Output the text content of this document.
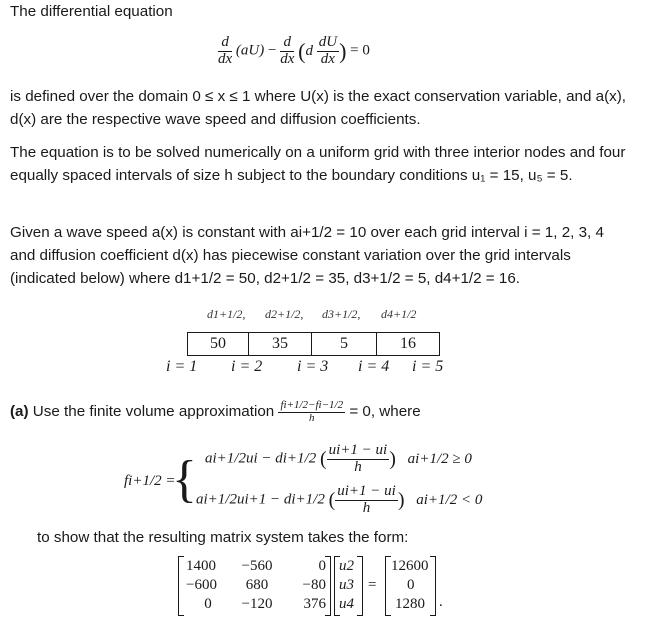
The differential equation

$\frac{d}{dx} (aU) - \frac{d}{dx} (d \frac{dU}{dx}$ ) = 0

is defined over the domain 0 ≤ x ≤ 1 where U(x) is the exact conservation variable, and a(x), d(x) are the respective wave speed and diffusion coefficients.

The equation is to be solved numerically on a uniform grid with three interior nodes and four equally spaced intervals of size h subject to the boundary conditions u₁ = 15, u₅ = 5.

Given a wave speed a(x) is constant with ai+1/2 = 10 over each grid interval i = 1, 2, 3, 4 and diffusion coefficient d(x) has piecewise constant variation over the grid intervals (indicated below) where d1+1/2 = 50, d2+1/2 = 35, d3+1/2 = 5, d4+1/2 = 16.

d1+1/2, d2+1/2, d3+1/2, d4+1/2
50	35	5	16
i = 1 i = 2 i = 3 i = 4 i = 5
(a) Use the finite volume approximation $\frac{fi+1/2-fi-1/2}{h} = 0$, where
fi+1/2 =
{ ai+1/2ui − di+1/2 ( $\frac{ui+1 - ui}{h}$ ) ai+1/2 ≥ 0
ai+1/2ui+1 − di+1/2 ( $\frac{ui+1 - ui}{h}$ ) ai+1/2 < 0

to show that the resulting matrix system takes the form:

1400 −560	0
−600 680 −80
0 −120 376
u2
u3
u4
=
12600
0
1280 .
